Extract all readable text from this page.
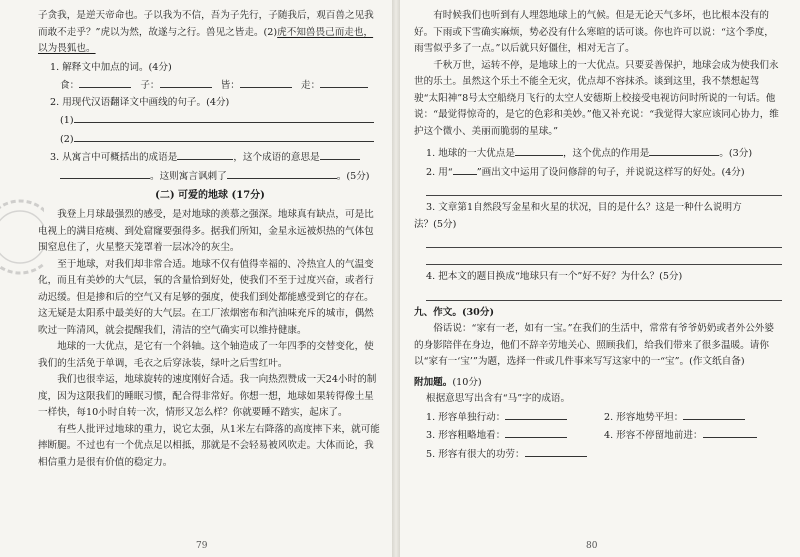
子贪我，是逆天帝命也。子以我为不信，吾为子先行，子随我后，观百兽之见我

而敢不走乎？”虎以为然，故遂与之行。兽见之皆走。(2)虎不知兽畏己而走也，

以为畏狐也。

1. 解释文中加点的词。(4分)

食：	子：	皆：	走：

2. 用现代汉语翻译文中画线的句子。(4分)

(1)

(2)

3. 从寓言中可概括出的成语是	，这个成语的意思是

。这则寓言讽刺了	。(5分)

(二) 可爱的地球 (17分)

我登上月球最强烈的感受，是对地球的羡慕之强深。地球真有缺点，可是比电视上的满目疮痍、到处窟窿要强得多。据我们所知，金星永远被炽热的气体包围窒息住了，火星整天笼罩着一层冰冷的灰尘。

至于地球，对我们却非常合适。地球不仅有值得幸福的、冷热宜人的气温变化，而且有美妙的大气层，氧的含量恰到好处，使我们不至于过度兴奋，或者行动迟缓。但是掺和后的空气又有足够的强度，使我们到处都能感受到它的存在。这无疑是太阳系中最美好的大气层。在工厂浓烟密布和汽油味充斥的城市，偶然吹过一阵清风，就会提醒我们，清洁的空气确实可以维持健康。

地球的一大优点，是它有一个斜轴。这个轴造成了一年四季的交替变化，使我们的生活免于单调，毛衣之后穿泳装，绿叶之后雪红叶。

我们也很幸运，地球旋转的速度刚好合适。我一向热烈赞成一天24小时的制度，因为这限我们的睡眠习惯，配合得非常好。你想一想，地球如果转得像土星一样快，每10小时自转一次，情形又怎么样？你就要睡不踏实，起床了。

有些人批评过地球的重力，说它太强，从1米左右降落的高度摔下来，就可能摔断腿。不过也有一个优点足以相抵，那就是不会轻易被风吹走。大体而论，我相信重力是很有价值的稳定力。

79

有时候我们也听到有人埋怨地球上的气候。但是无论天气多坏，也比根本没有的好。下雨或下雪确实麻烦，势必没有什么寒暄的话可谈。你也许可以说：“这个季度，雨雪似乎多了一点。”以后就只好僵住，相对无言了。

千秋万世，运转不停，是地球上的一大优点。只要妥善保护，地球会成为使我们永世的乐土。虽然这个乐土不能全无灾，优点却不容抹杀。谈到这里，我不禁想起驾驶“太阳神”8号太空船绕月飞行的太空人安德斯上校接受电视访问时所说的一句话。他说：“最觉得惊奇的，是它的色彩和美妙。”他又补充说：“我觉得大家应该同心协力，维护这个微小、美丽而脆弱的星球。”

1. 地球的一大优点是	，这个优点的作用是	。(3分)

2. 用“	”画出文中运用了设问修辞的句子，并说说这样写的好处。(4分)

3. 文章第1自然段写金星和火星的状况，目的是什么？这是一种什么说明方

法？(5分)

4. 把本文的题目换成“地球只有一个”好不好？为什么？(5分)

九、作文。(30分)

俗话说：“家有一老，如有一宝。”在我们的生活中，常常有爷爷奶奶或者外公外婆的身影陪伴在身边，他们不辞辛劳地关心、照顾我们，给我们带来了很多温暖。请你以“家有一‘宝’”为题，选择一件或几件事来写写这家中的一“宝”。(作文纸自备)

附加题。(10分)

根据意思写出含有“马”字的成语。

1. 形容单独行动：	2. 形容地势平坦：
3. 形容粗略地看：	4. 形容不停留地前进：

5. 形容有很大的功劳：

80
